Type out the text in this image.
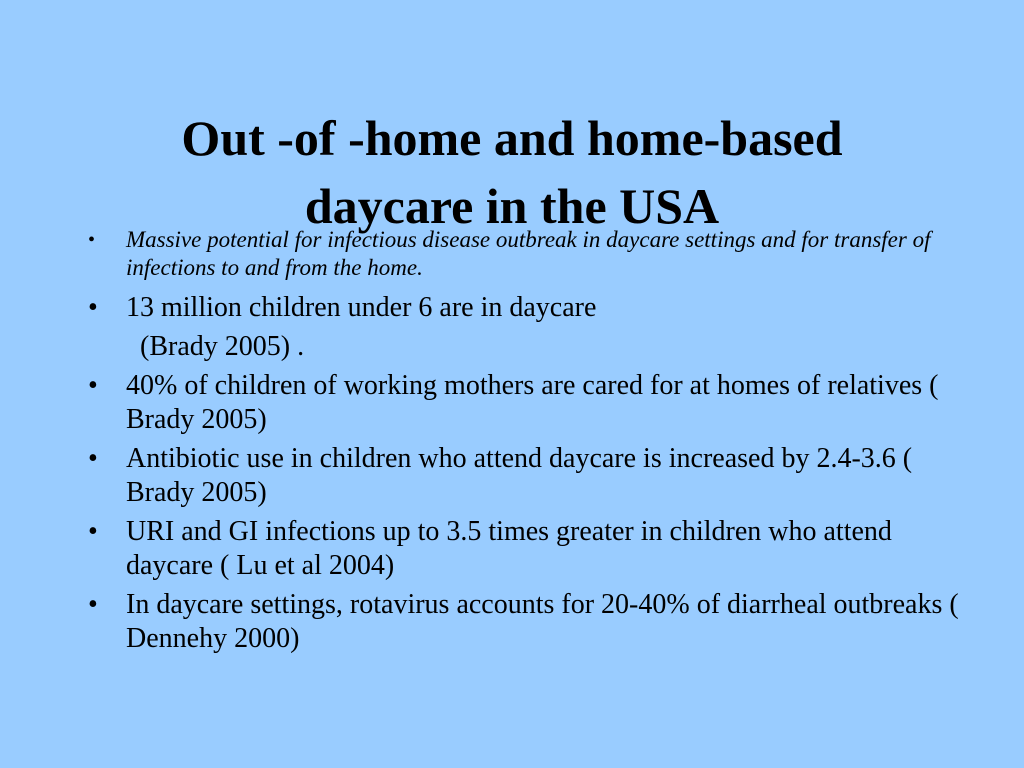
Out -of -home and home-based
daycare in the USA
• Massive potential for infectious disease outbreak in daycare settings and for transfer of infections to and from the home.
• 13 million children under 6 are in daycare
(Brady 2005) .
• 40% of children of working mothers are cared for at homes of relatives ( Brady 2005)
• Antibiotic use in children who attend daycare is increased by 2.4-3.6 ( Brady 2005)
• URI and GI infections up to 3.5 times greater in children who attend daycare ( Lu et al 2004)
• In daycare settings, rotavirus accounts for 20-40% of diarrheal outbreaks ( Dennehy 2000)
